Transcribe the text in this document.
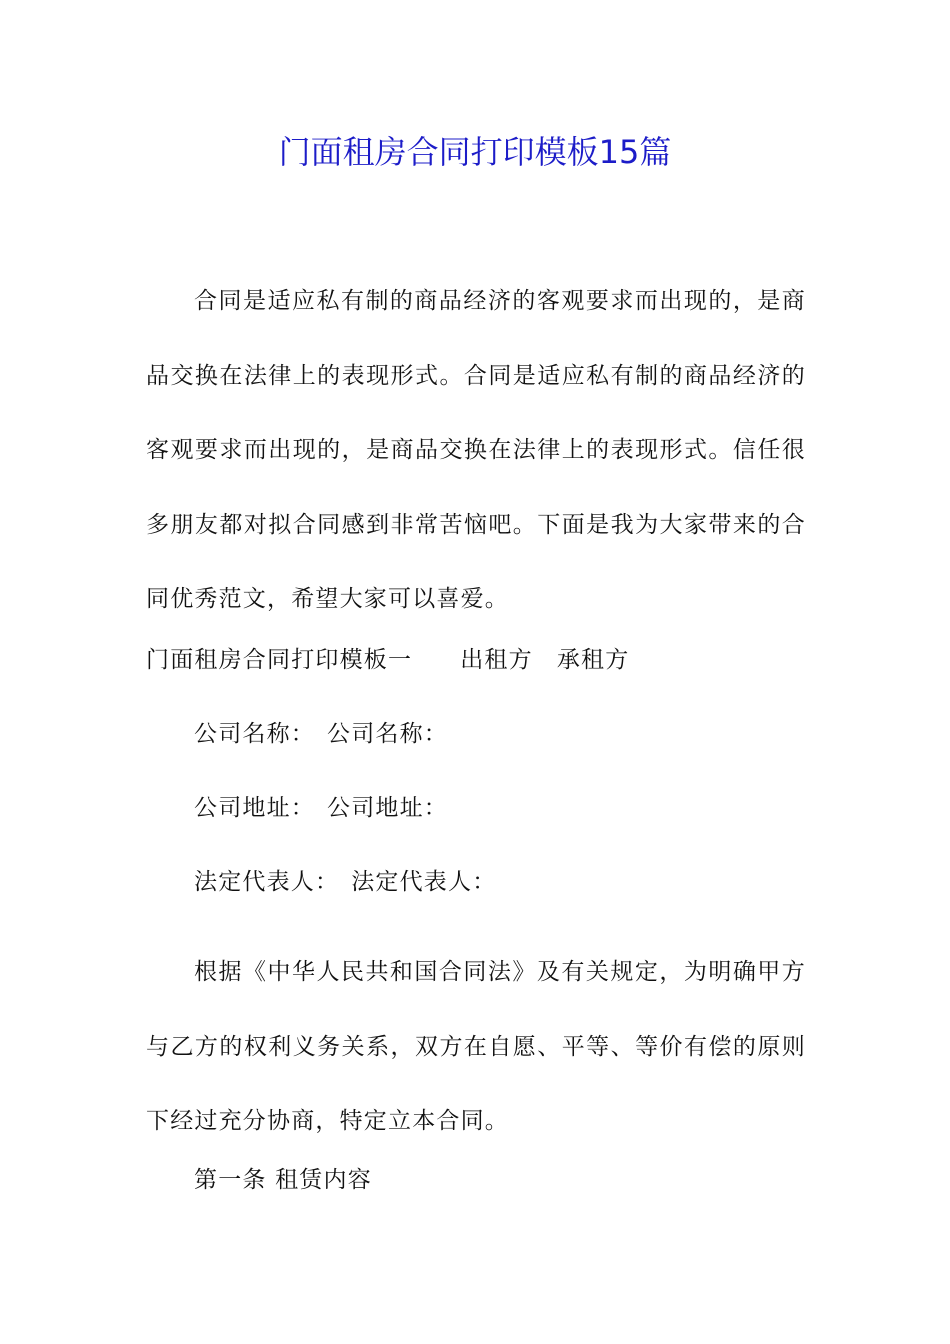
门面租房合同打印模板15篇

合同是适应私有制的商品经济的客观要求而出现的，是商品交换在法律上的表现形式。合同是适应私有制的商品经济的客观要求而出现的，是商品交换在法律上的表现形式。信任很多朋友都对拟合同感到非常苦恼吧。下面是我为大家带来的合同优秀范文，希望大家可以喜爱。

门面租房合同打印模板一 出租方 承租方

公司名称： 公司名称：

公司地址： 公司地址：

法定代表人： 法定代表人：

根据《中华人民共和国合同法》及有关规定，为明确甲方与乙方的权利义务关系，双方在自愿、平等、等价有偿的原则下经过充分协商，特定立本合同。

第一条 租赁内容
